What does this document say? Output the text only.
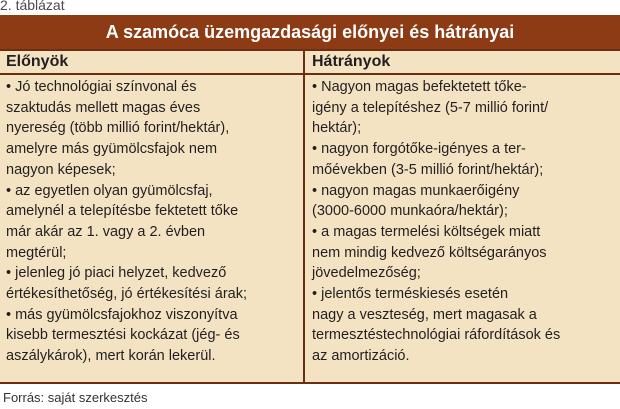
2. táblázat
A szamóca üzemgazdasági előnyei és hátrányai
Előnyök	Hátrányok
• Jó technológiai színvonal és
szaktudás mellett magas éves
nyereség (több millió forint/hektár),
amelyre más gyümölcsfajok nem
nagyon képesek;
• az egyetlen olyan gyümölcsfaj,
amelynél a telepítésbe fektetett tőke
már akár az 1. vagy a 2. évben
megtérül;
• jelenleg jó piaci helyzet, kedvező
értékesíthetőség, jó értékesítési árak;
• más gyümölcsfajokhoz viszonyítva
kisebb termesztési kockázat (jég- és
aszálykárok), mert korán lekerül.
• Nagyon magas befektetett tőke-
igény a telepítéshez (5-7 millió forint/
hektár);
• nagyon forgótőke-igényes a ter-
mőévekben (3-5 millió forint/hektár);
• nagyon magas munkaerőigény
(3000-6000 munkaóra/hektár);
• a magas termelési költségek miatt
nem mindig kedvező költségarányos
jövedelmezőség;
• jelentős terméskiesés esetén
nagy a veszteség, mert magasak a
termesztéstechnológiai ráfordítások és
az amortizáció.
Forrás: saját szerkesztés
